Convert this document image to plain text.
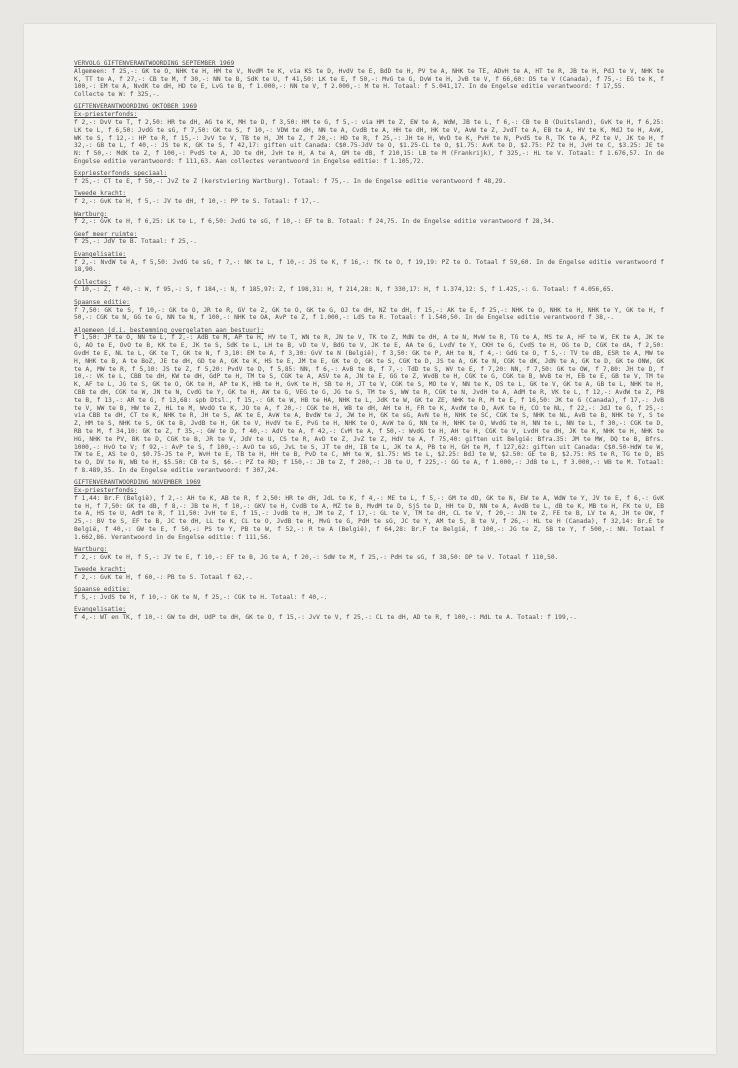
VERVOLG GIFTENVERANTWOORDING SEPTEMBER 1969
Algemeen: f 25,-: GK te O, NHK te H, HM te V, NvdM te K, via KS te D, HvdV te E, BdD te H, PV te A, NHK te TE, ADvH te A, HT te R, JB te H, PdJ te V, NHK te K, TT te A, f 27,-: CB te M, f 30,-: NN te B, SdK te U, f 41,50: LK te E, f 50,-: MvG te G, DvW te H, JvB te V, f 66,60: DS te V (Canada), f 75,-: EG te K, f 100,-: EM te A, NvdK te dH, HD te E, LvG te B, f 1.000,-: NN te V, f 2.000,-: M te H. Totaal: f 5.041,17. In de Engelse editie verantwoord: f 17,55.
Collecte te W: f 325,-.
GIFTENVERANTWOORDING OKTOBER 1969
Ex-priesterfonds:
f 2,-: DvV te T, f 2,50: HR te dH, AG te K, MH te D, f 3,50: HM te G, f 5,-: via HM te Z, EW te A, WdW, JB te L, f 6,-: CB te B (Duitsland), GvK te H, f 6,25: LK te L, f 6,50: JvdG te sG, f 7,50: GK te S, f 10,-: VDW te dH, NN te A, CvdB te A, HH te dH, HK te V, AvW te Z, JvdT te A, EB te A, HV te K, MdJ te H, AvW, WK te S, f 12,-: HP te R, f 15,-: JvV te V, TB te H, JM te Z, f 20,-: HD te R, f 25,-: JH te H, WvD te K, PvH te N, PvdS te R, TK te A, PZ te V, JK te H, f 32,-: GB te L, f 40,-: JS te K, GK te S, f 42,17: giften uit Canada: C$0.75-JdV te O, $1.25-CL te O, $1.75: AvK te D, $2.75: PZ te H, JvH te C, $3.25: JE te N: f 50,-: MdK te Z, f 100,-: PvdS te A, JD te dH, JvH te H, A te A, GM te dB, f 210,15: LB te M (Frankrijk), f 325,-: HL te V. Totaal: f 1.676,57. In de Engelse editie verantwoord: f 111,63. Aan collectes verantwoord in Engelse editie: f 1.105,72.
Expriesterfonds speciaal:
f 25,-: CT te E, f 50,-: JvZ te Z (kerstviering Wartburg). Totaal: f 75,-. In de Engelse editie verantwoord f 48,29.
Tweede kracht:
f 2,-: GvK te H, f 5,-: JV te dH, f 10,-: PP te S. Totaal: f 17,-.
Wartburg:
f 2,-: GvK te H, f 6,25: LK te L, f 6,50: JvdG te sG, f 10,-: EF te B. Totaal: f 24,75. In de Engelse editie verantwoord f 28,34.
Geef meer ruimte:
f 25,-: JdV te B. Totaal: f 25,-.
Evangelisatie:
f 2,-: NvdW te A, f 5,50: JvdG te sG, f 7,-: NK te L, f 10,-: JS te K, f 16,-: fK te O, f 19,19: PZ te O. Totaal f 59,60. In de Engelse editie verantwoord f 18,90.
Collectes:
f 10,-: Z, f 40,-: W, f 95,-: S, f 184,-: N, f 185,97: Z, f 198,31: H, f 214,28: N, f 330,17: H, f 1.374,12: S, f 1.425,-: G. Totaal: f 4.056,65.
Spaanse editie:
f 7,50: GK te S, f 10,-: GK te O, JR te R, GV te Z, GK te O, GK te G, OJ te dH, NZ te dH, f 15,-: AK te E, f 25,-: NHK te O, NHK te H, NHK te Y, GK te H, f 50,-: CGK te N, GG te G, NN te N, f 100,-: NHK te OA, AvP te Z, f 1.000,-: LdS te R. Totaal: f 1.540,50. In de Engelse editie verantwoord f 38,-.
Algemeen (d.i. bestemming overgelaten aan bestuur):
f 1,50: JP te O, NN te L, f 2,-: AdB te M, AP te H, HV te T, WN te R, JN te V, TK te Z, MdN te dH, A te N, MvW te R, TG te A, MS te A, HF te W, EK te A, JK te G, AO te E, OvO te B, KK te E, JK te S, SdK te L, LH te B, vD te V, BdG te V, JK te E, AA te G, LvdV te Y, CKH te G, CvdS te H, OG te D, CGK te dA, f 2,50: GvdH te E, NL te L, GK te T, GK te N, f 3,10: EM te A, f 3,30: GvV te N (België), f 3,50: GK te P, AH te N, f 4,-: GdG te O, f 5,-: TV te dB, ESR te A, MW te H, NHK te B, A te BoZ, JE te dH, GD te A, GK te K, HS te E, JM te E, GK te O, GK te S, CGK te D, JS te A, GK te N, CGK te dK, JdN te A, GK te D, GK te ONW, GK te A, MW te R, f 5,10: JS te Z, f 5,20: PvdV te D, f 5,85: NN, f 6,-: AvB te B, f 7,-: TdD te S, WV te E, f 7,20: NN, f 7,50: GK te OW, f 7,80: JH te D, f 10,-: VK te L, CBB te dH, KW te dH, GdP te H, TM te S, CGK te A, ASV te A, JN te E, GG te Z, WvdB te H, CGK te G, CGK te B, WvB te H, EB te E, GB te V, TM te K, AF te L, JG te S, GK te O, GK te H, AP te K, HB te H, GvK te H, SB te H, JT te V, CGK te S, MO te V, NN te K, DS te L, GK te V, GK te A, GB te L, NHK te H, CBB te dH, CGK te W, JN te N, CvdG te Y, GK te H, AW te G, VEG te G, JG te S, TM te S, WW te R, CGK te N, JvdH te A, AdM te R, VK te L, f 12,-: AvdW te Z, PB te B, f 13,-: AR te G, f 13,68: spb Dtsl., f 15,-: GK te W, HB te HA, NHK te L, JdK te W, GK te ZE, NHK te R, M te E, f 16,50: JK te G (Canada), f 17,-: JvB te V, WW te B, HW te Z, HL te M, WvdO te K, JO te A, f 20,-: CGK te H, WB te dH, AH te H, FR te K, AvdW te D, AvK te H, CO te NL, f 22,-: JdJ te G, f 25,-: via CBB te dH, CT te K, NHK te R, JH te S, AK te E, AvW te A, BvdW te J, JW te H, GK te sG, AvN te H, NHK te SC, CGK te S, NHK te NL, AvB te B, NHK te Y, S te Z, HM te S, NHK te S, GK te B, JvdB te H, GK te V, HvdV te E, PvG te H, NHK te O, AvW te G, NN te H, NHK te O, WvdG te H, NN te L, NN te L, f 30,-: CGK te D, RB te M, f 34,10: GK te Z, f 35,-: GW te D, f 40,-: AdV te A, f 42,-: CvM te A, f 50,-: WvdG te H, AH te H, CGK te V, LvdH te dH, JK te K, NHK te H, NHK te HG, NHK te PV, BK te D, CGK te B, JR te V, JdV te U, CS te R, AvD te Z, JvZ te Z, HdV te A, f 75,40: giften uit België: Bfra.35: JM te MW, DQ te B, Bfrs. 1000,-: HvO te V; f 92,-: AvP te S, f 100,-: AvO te sG, JvL te S, JT te dH, IB te L, JK te A, PB te H, GH te M, f 127,62: giften uit Canada: C$0.50-HdW te W, TW te E, AS te O, $0.75-JS te P, WvH te E, TB te H, HH te B, PvD te C, WH te W, $1.75: WS te L, $2.25: BdJ te W, $2.50: GE te B, $2.75: RS te R, TG te D, BS te O, DV te N, WB te H, $5.50: CB te S, $6.-: PZ te RD; f 150,-: JB te Z, f 200,-: JB te U, f 225,-: GG te A, f 1.000,-: JdB te L, f 3.000,-: WB te M. Totaal: f 8.489,35. In de Engelse editie verantwoord: f 307,24.
GIFTENVERANTWOORDING NOVEMBER 1969
Ex-priesterfonds:
f 1,44: Br.F (België), f 2,-: AH te K, AB te R, f 2,50: HR te dH, JdL te K, f 4,-: ME te L, f 5,-: GM te dD, GK te N, EW te A, WdW te Y, JV te E, f 6,-: GvK te H, f 7,50: GK te dB, f 8,-: JB te H, f 10,-: GKV te H, CvdB te A, MZ te B, MvdM te D, SjS te D, HH te D, NN te A, AvdB te L, dB te K, MB te H, FK te U, EB te A, HS te U, AdM te R, f 11,50: JvH te E, f 15,-: JvdB te H, JM te Z, f 17,-: GL te V, TM te dH, CL te V, f 20,-: JN te Z, FE te B, LV te A, JH te OW, f 25,-: BV te S, EF te B, JC te dH, LL te K, CL te O, JvdB te H, MvG te G, PdH te sG, JC te Y, AM te S, B te V, f 26,-: HL te H (Canada), f 32,14: Br.E te België, f 40,-: GW te E, f 50,-: PS te Y, PB te W, f 52,-: R te A (België), f 64,28: Br.F te België, f 100,-: JG te Z, SB te Y, f 500,-: NN. Totaal f 1.662,86. Verantwoord in de Engelse editie: f 111,56.
Wartburg:
f 2,-: GvK te H, f 5,-: JV te E, f 10,-: EF te B, JG te A, f 20,-: SdW te M, f 25,-: PdH te sG, f 38,50: DP te V. Totaal f 110,50.
Tweede kracht:
f 2,-: GvK te H, f 60,-: PB te S. Totaal f 62,-.
Spaanse editie:
f 5,-: JvdS te H, f 10,-: GK te N, f 25,-: CGK te H. Totaal: f 40,-.
Evangelisatie:
f 4,-: WT en TK, f 10,-: GW te dH, UdP te dH, GK te O, f 15,-: JvV te V, f 25,-: CL te dH, AD te R, f 100,-: MdL te A. Totaal: f 199,-.
